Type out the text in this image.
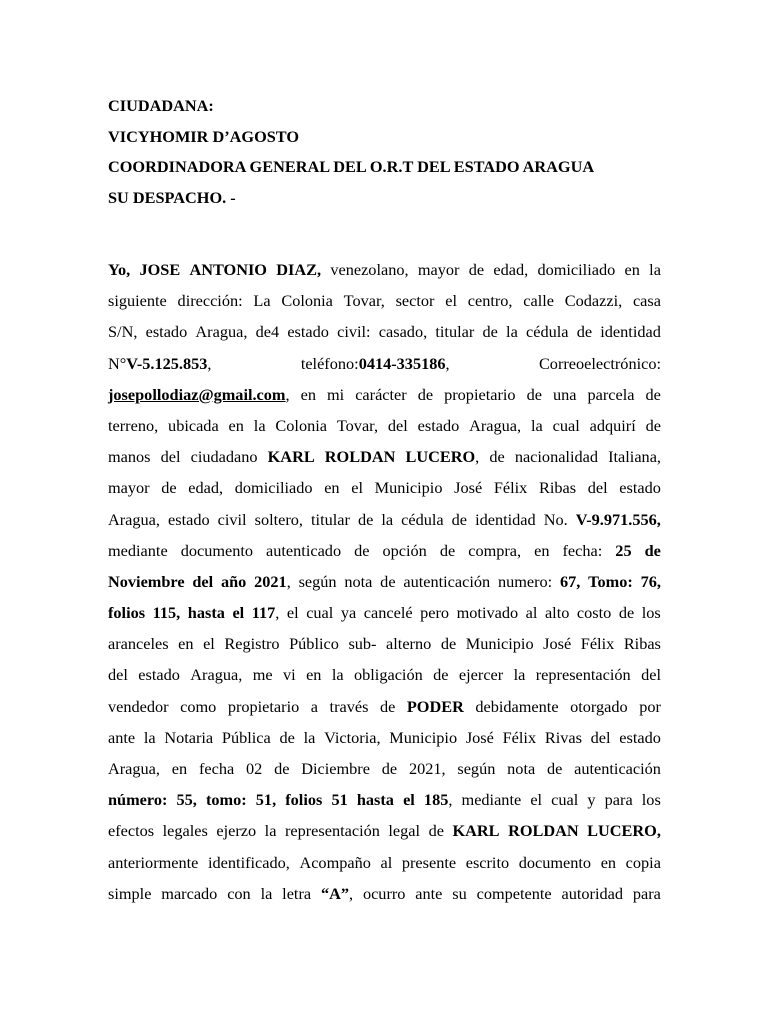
CIUDADANA:
VICYHOMIR D’AGOSTO
COORDINADORA GENERAL DEL O.R.T DEL ESTADO ARAGUA
SU DESPACHO. -
Yo, JOSE ANTONIO DIAZ, venezolano, mayor de edad, domiciliado en la
siguiente dirección: La Colonia Tovar, sector el centro, calle Codazzi, casa
S/N, estado Aragua, de4 estado civil: casado, titular de la cédula de identidad
N°V-5.125.853,	teléfono:0414-335186,	Correoelectrónico:
josepollodiaz@gmail.com, en mi carácter de propietario de una parcela de
terreno, ubicada en la Colonia Tovar, del estado Aragua, la cual adquirí de
manos del ciudadano KARL ROLDAN LUCERO, de nacionalidad Italiana,
mayor de edad, domiciliado en el Municipio José Félix Ribas del estado
Aragua, estado civil soltero, titular de la cédula de identidad No. V-9.971.556,
mediante documento autenticado de opción de compra, en fecha: 25 de
Noviembre del año 2021, según nota de autenticación numero: 67, Tomo: 76,
folios 115, hasta el 117, el cual ya cancelé pero motivado al alto costo de los
aranceles en el Registro Público sub- alterno de Municipio José Félix Ribas
del estado Aragua, me vi en la obligación de ejercer la representación del
vendedor como propietario a través de PODER debidamente otorgado por
ante la Notaria Pública de la Victoria, Municipio José Félix Rivas del estado
Aragua, en fecha 02 de Diciembre de 2021, según nota de autenticación
número: 55, tomo: 51, folios 51 hasta el 185, mediante el cual y para los
efectos legales ejerzo la representación legal de KARL ROLDAN LUCERO,
anteriormente identificado, Acompaño al presente escrito documento en copia
simple marcado con la letra “A”, ocurro ante su competente autoridad para
